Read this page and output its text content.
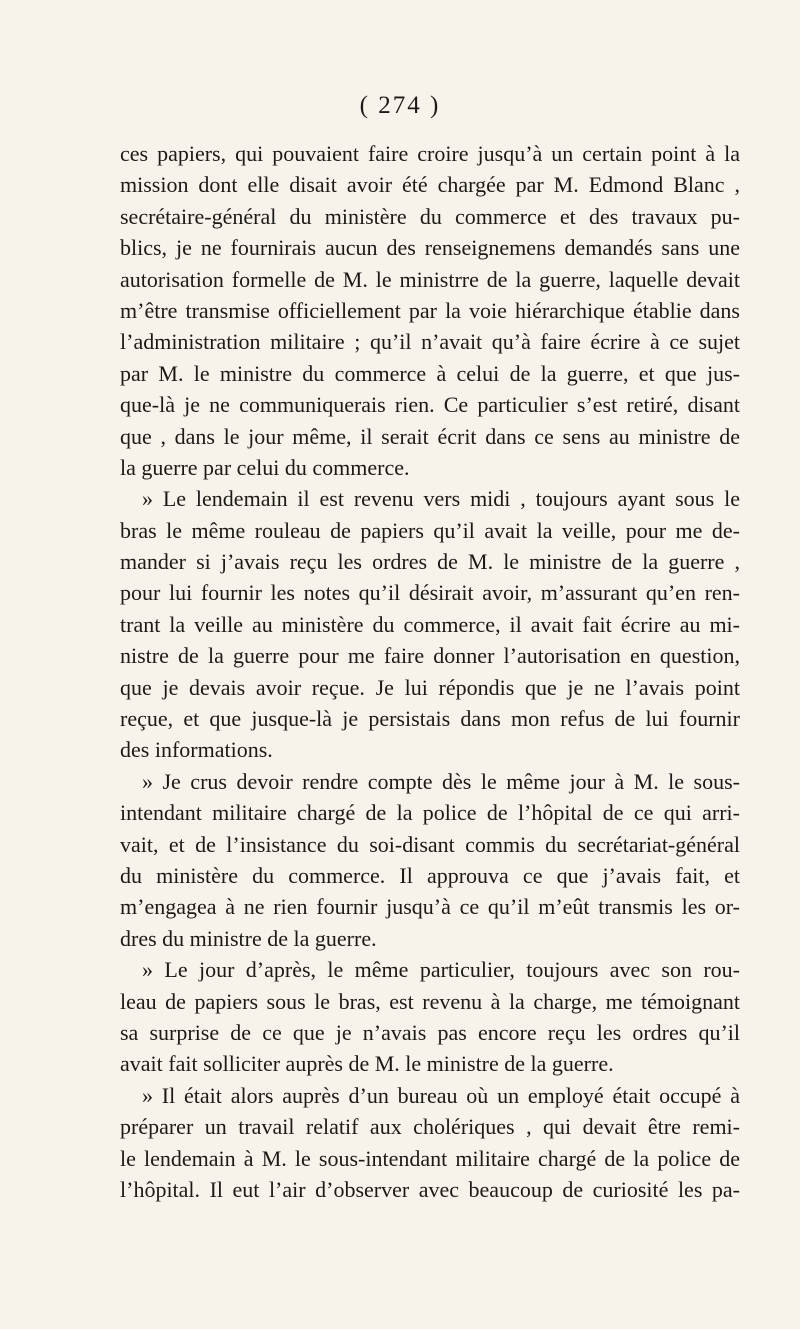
( 274 )
ces papiers, qui pouvaient faire croire jusqu’à un certain point à la
mission dont elle disait avoir été chargée par M. Edmond Blanc ,
secrétaire-général du ministère du commerce et des travaux pu-
blics, je ne fournirais aucun des renseignemens demandés sans une
autorisation formelle de M. le ministrre de la guerre, laquelle devait
m’être transmise officiellement par la voie hiérarchique établie dans
l’administration militaire ; qu’il n’avait qu’à faire écrire à ce sujet
par M. le ministre du commerce à celui de la guerre, et que jus-
que-là je ne communiquerais rien. Ce particulier s’est retiré, disant
que , dans le jour même, il serait écrit dans ce sens au ministre de
la guerre par celui du commerce.
» Le lendemain il est revenu vers midi , toujours ayant sous le
bras le même rouleau de papiers qu’il avait la veille, pour me de-
mander si j’avais reçu les ordres de M. le ministre de la guerre ,
pour lui fournir les notes qu’il désirait avoir, m’assurant qu’en ren-
trant la veille au ministère du commerce, il avait fait écrire au mi-
nistre de la guerre pour me faire donner l’autorisation en question,
que je devais avoir reçue. Je lui répondis que je ne l’avais point
reçue, et que jusque-là je persistais dans mon refus de lui fournir
des informations.
» Je crus devoir rendre compte dès le même jour à M. le sous-
intendant militaire chargé de la police de l’hôpital de ce qui arri-
vait, et de l’insistance du soi-disant commis du secrétariat-général
du ministère du commerce. Il approuva ce que j’avais fait, et
m’engagea à ne rien fournir jusqu’à ce qu’il m’eût transmis les or-
dres du ministre de la guerre.
» Le jour d’après, le même particulier, toujours avec son rou-
leau de papiers sous le bras, est revenu à la charge, me témoignant
sa surprise de ce que je n’avais pas encore reçu les ordres qu’il
avait fait solliciter auprès de M. le ministre de la guerre.
» Il était alors auprès d’un bureau où un employé était occupé à
préparer un travail relatif aux cholériques , qui devait être remi-
le lendemain à M. le sous-intendant militaire chargé de la police de
l’hôpital. Il eut l’air d’observer avec beaucoup de curiosité les pa-
